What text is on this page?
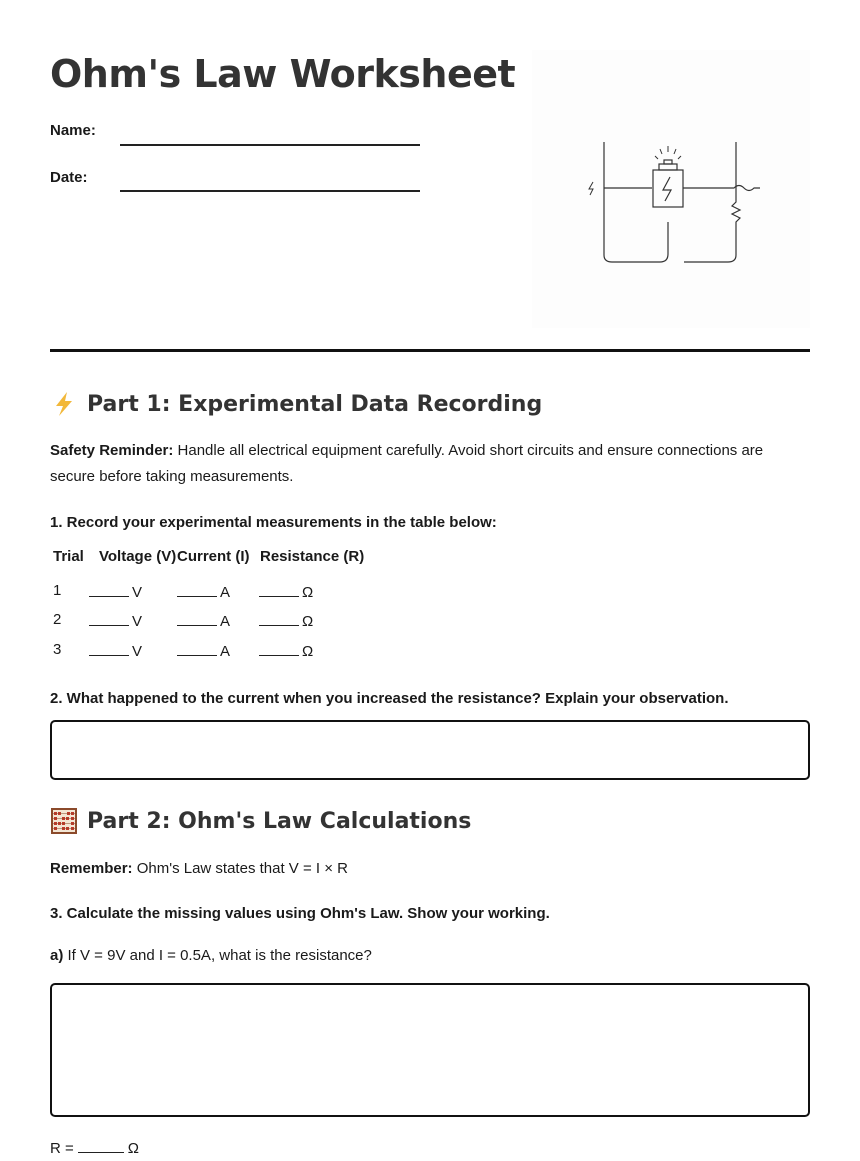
Ohm's Law Worksheet
Name:
Date:
Part 1: Experimental Data Recording

Safety Reminder: Handle all electrical equipment carefully. Avoid short circuits and ensure connections are secure before taking measurements.

1. Record your experimental measurements in the table below:

Trial Voltage (V) Current (I) Resistance (R)
1	V	A	Ω
2	V	A	Ω
3	V	A	Ω

2. What happened to the current when you increased the resistance? Explain your observation.

Part 2: Ohm's Law Calculations

Remember: Ohm's Law states that V = I × R

3. Calculate the missing values using Ohm's Law. Show your working.

a) If V = 9V and I = 0.5A, what is the resistance?

R =	Ω
